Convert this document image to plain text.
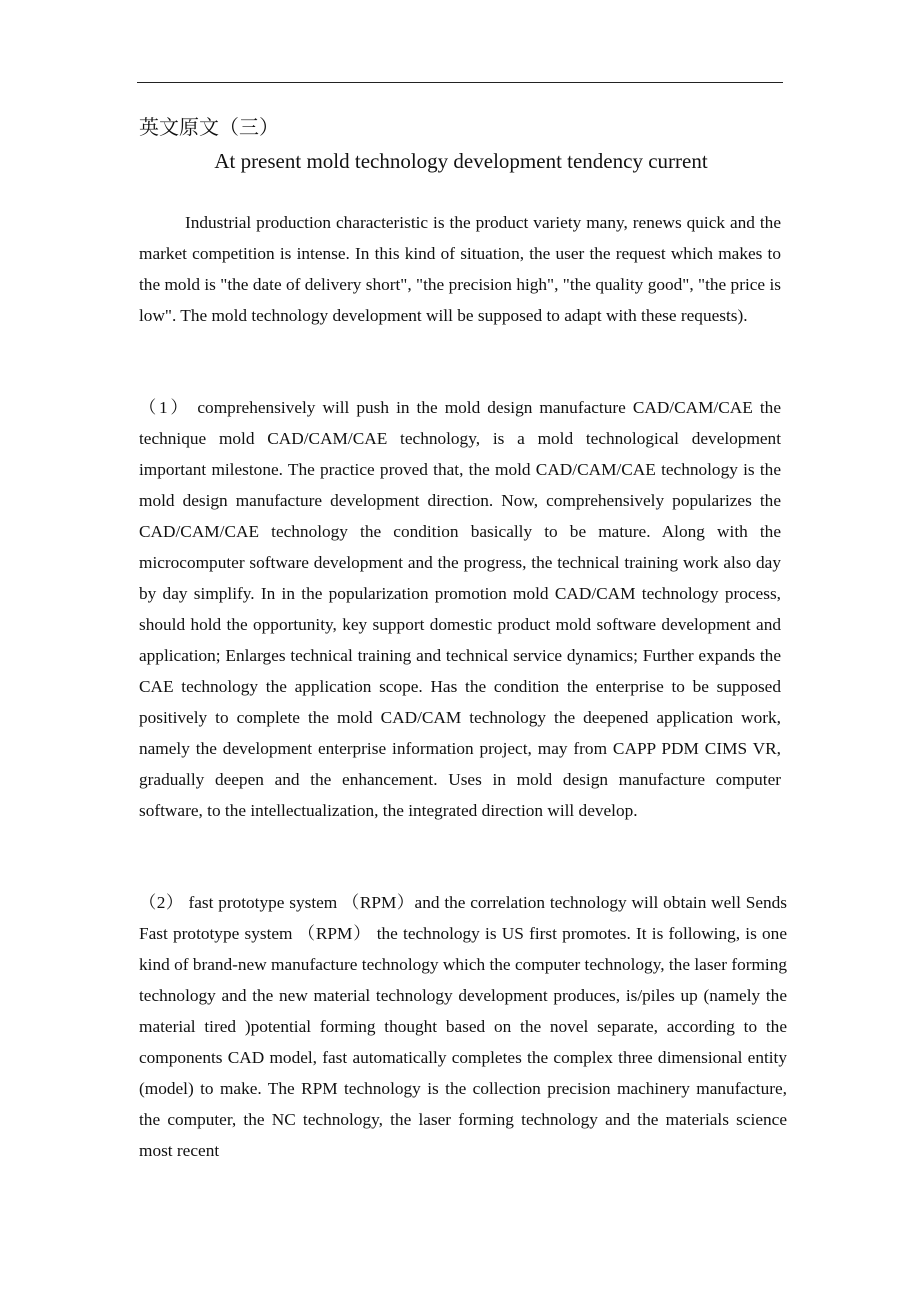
英文原文（三）
At present mold technology development tendency current
Industrial production characteristic is the product variety many, renews quick and the market competition is intense. In this kind of situation, the user the request which makes to the mold is "the date of delivery short", "the precision high", "the quality good", "the price is low". The mold technology development will be supposed to adapt with these requests).
（1） comprehensively will push in the mold design manufacture CAD/CAM/CAE the technique mold CAD/CAM/CAE technology, is a mold technological development important milestone. The practice proved that, the mold CAD/CAM/CAE technology is the mold design manufacture development direction. Now, comprehensively popularizes the CAD/CAM/CAE technology the condition basically to be mature. Along with the microcomputer software development and the progress, the technical training work also day by day simplify. In in the popularization promotion mold CAD/CAM technology process, should hold the opportunity, key support domestic product mold software development and application; Enlarges technical training and technical service dynamics; Further expands the CAE technology the application scope. Has the condition the enterprise to be supposed positively to complete the mold CAD/CAM technology the deepened application work, namely the development enterprise information project, may from CAPP PDM CIMS VR, gradually deepen and the enhancement. Uses in mold design manufacture computer software, to the intellectualization, the integrated direction will develop.
（2） fast prototype system （RPM）and the correlation technology will obtain well Sends Fast prototype system （RPM） the technology is US first promotes. It is following, is one kind of brand-new manufacture technology which the computer technology, the laser forming technology and the new material technology development produces, is/piles up (namely the material tired )potential forming thought based on the novel separate, according to the components CAD model, fast automatically completes the complex three dimensional entity (model) to make. The RPM technology is the collection precision machinery manufacture, the computer, the NC technology, the laser forming technology and the materials science most recent
